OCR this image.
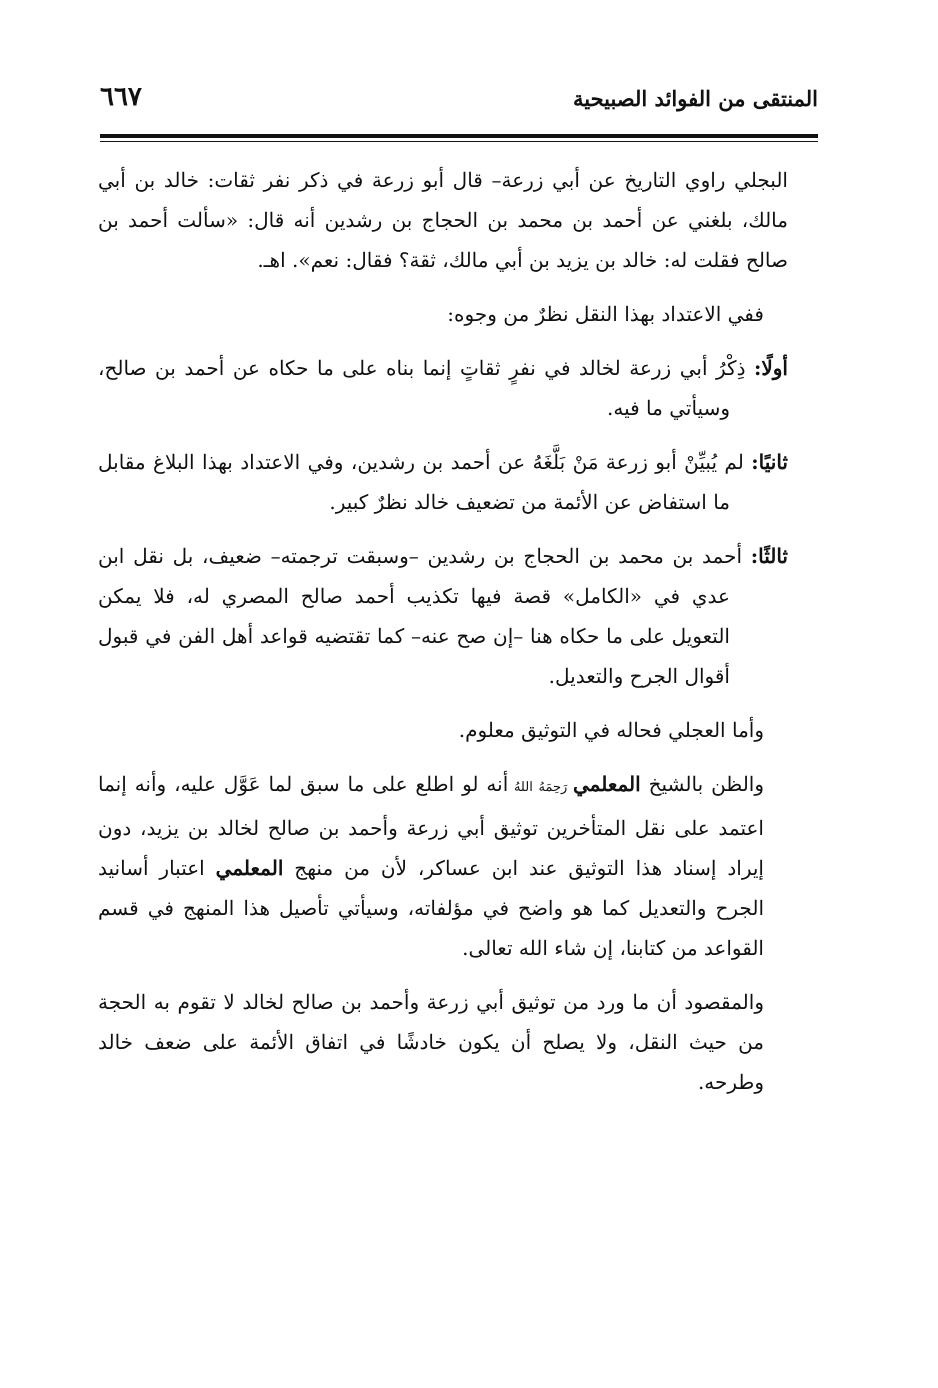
المنتقى من الفوائد الصبيحية
٦٦٧

البجلي راوي التاريخ عن أبي زرعة– قال أبو زرعة في ذكر نفر ثقات: خالد بن أبي مالك، بلغني عن أحمد بن محمد بن الحجاج بن رشدين أنه قال: «سألت أحمد بن صالح فقلت له: خالد بن يزيد بن أبي مالك، ثقة؟ فقال: نعم». اهـ.

ففي الاعتداد بهذا النقل نظرٌ من وجوه:

أولًا: ذِكْرُ أبي زرعة لخالد في نفرٍ ثقاتٍ إنما بناه على ما حكاه عن أحمد بن صالح، وسيأتي ما فيه.

ثانيًا: لم يُبيِّنْ أبو زرعة مَنْ بَلَّغَهُ عن أحمد بن رشدين، وفي الاعتداد بهذا البلاغ مقابل ما استفاض عن الأئمة من تضعيف خالد نظرٌ كبير.

ثالثًا: أحمد بن محمد بن الحجاج بن رشدين –وسبقت ترجمته– ضعيف، بل نقل ابن عدي في «الكامل» قصة فيها تكذيب أحمد صالح المصري له، فلا يمكن التعويل على ما حكاه هنا –إن صح عنه– كما تقتضيه قواعد أهل الفن في قبول أقوال الجرح والتعديل.

وأما العجلي فحاله في التوثيق معلوم.

والظن بالشيخ المعلمي رَحِمَهُ اللهُ أنه لو اطلع على ما سبق لما عَوَّل عليه، وأنه إنما اعتمد على نقل المتأخرين توثيق أبي زرعة وأحمد بن صالح لخالد بن يزيد، دون إيراد إسناد هذا التوثيق عند ابن عساكر، لأن من منهج المعلمي اعتبار أسانيد الجرح والتعديل كما هو واضح في مؤلفاته، وسيأتي تأصيل هذا المنهج في قسم القواعد من كتابنا، إن شاء الله تعالى.

والمقصود أن ما ورد من توثيق أبي زرعة وأحمد بن صالح لخالد لا تقوم به الحجة من حيث النقل، ولا يصلح أن يكون خادشًا في اتفاق الأئمة على ضعف خالد وطرحه.
